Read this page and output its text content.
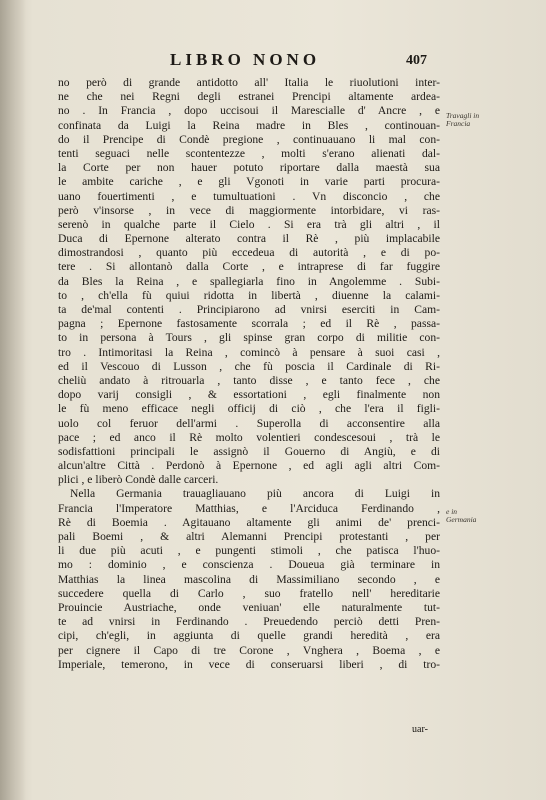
LIBRO NONO	407
Travagli in Francia
e in Germania
no però di grande antidotto all' Italia le riuolutioni inter-
ne che nei Regni degli estranei Prencipi altamente ardea-
no . In Francia , dopo uccisoui il Marescialle d' Ancre , e
confinata da Luigi la Reina madre in Bles , continouan-
do il Prencipe di Condè pregione , continuauano li mal con-
tenti seguaci nelle scontentezze , molti s'erano alienati dal-
la Corte per non hauer potuto riportare dalla maestà sua
le ambite cariche , e gli Vgonoti in varie parti procura-
uano fouertimenti , e tumultuationi . Vn disconcio , che
però v'insorse , in vece di maggiormente intorbidare, vi ras-
serenò in qualche parte il Cielo . Si era trà gli altri , il
Duca di Epernone alterato contra il Rè , più implacabile
dimostrandosi , quanto più eccedeua di autorità , e di po-
tere . Si allontanò dalla Corte , e intraprese di far fuggire
da Bles la Reina , e spallegiarla fino in Angolemme . Subi-
to , ch'ella fù quiui ridotta in libertà , diuenne la calami-
ta de'mal contenti . Principiarono ad vnirsi eserciti in Cam-
pagna ; Epernone fastosamente scorrala ; ed il Rè , passa-
to in persona à Tours , gli spinse gran corpo di militie con-
tro . Intimoritasi la Reina , comincò à pensare à suoi casi ,
ed il Vescouo di Lusson , che fù poscia il Cardinale di Ri-
cheliù andato à ritrouarla , tanto disse , e tanto fece , che
dopo varij consigli , & essortationi , egli finalmente non
le fù meno efficace negli officij di ciò , che l'era il figli-
uolo col feruor dell'armi . Superolla di acconsentire alla
pace ; ed anco il Rè molto volentieri condescesoui , trà le
sodisfattioni principali le assignò il Gouerno di Angiù, e di
alcun'altre Città . Perdonò à Epernone , ed agli agli altri Com-
plici , e liberò Condè dalle carceri.
Nella Germania trauagliauano più ancora di Luigi in
Francia l'Imperatore Matthias, e l'Arciduca Ferdinando ,
Rè di Boemia . Agitauano altamente gli animi de' prenci-
pali Boemi , & altri Alemanni Prencipi protestanti , per
li due più acuti , e pungenti stimoli , che patisca l'huo-
mo : dominio , e conscienza . Doueua già terminare in
Matthias la linea mascolina di Massimiliano secondo , e
succedere quella di Carlo , suo fratello nell' hereditarie
Prouincie Austriache, onde veniuan' elle naturalmente tut-
te ad vnirsi in Ferdinando . Preuedendo perciò detti Pren-
cipi, ch'egli, in aggiunta di quelle grandi heredità , era
per cignere il Capo di tre Corone , Vnghera , Boema , e
Imperiale, temerono, in vece di conseruarsi liberi , di tro-
uar-
